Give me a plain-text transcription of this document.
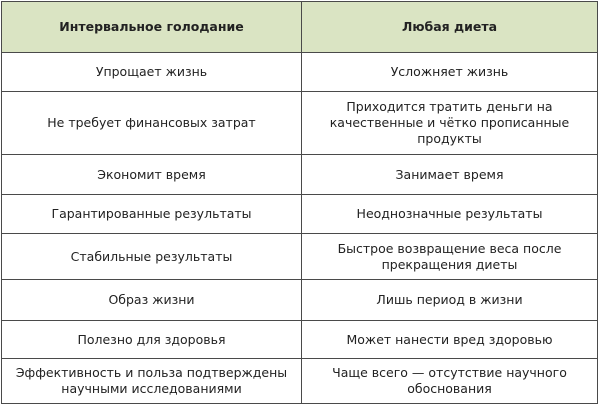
Интервальное голодание	Любая диета
Упрощает жизнь	Усложняет жизнь
Не требует финансовых затрат	Приходится тратить деньги на качественные и чётко прописанные продукты
Экономит время	Занимает время
Гарантированные результаты	Неоднозначные результаты
Стабильные результаты	Быстрое возвращение веса после прекращения диеты
Образ жизни	Лишь период в жизни
Полезно для здоровья	Может нанести вред здоровью
Эффективность и польза подтверждены научными исследованиями	Чаще всего — отсутствие научного обоснования
